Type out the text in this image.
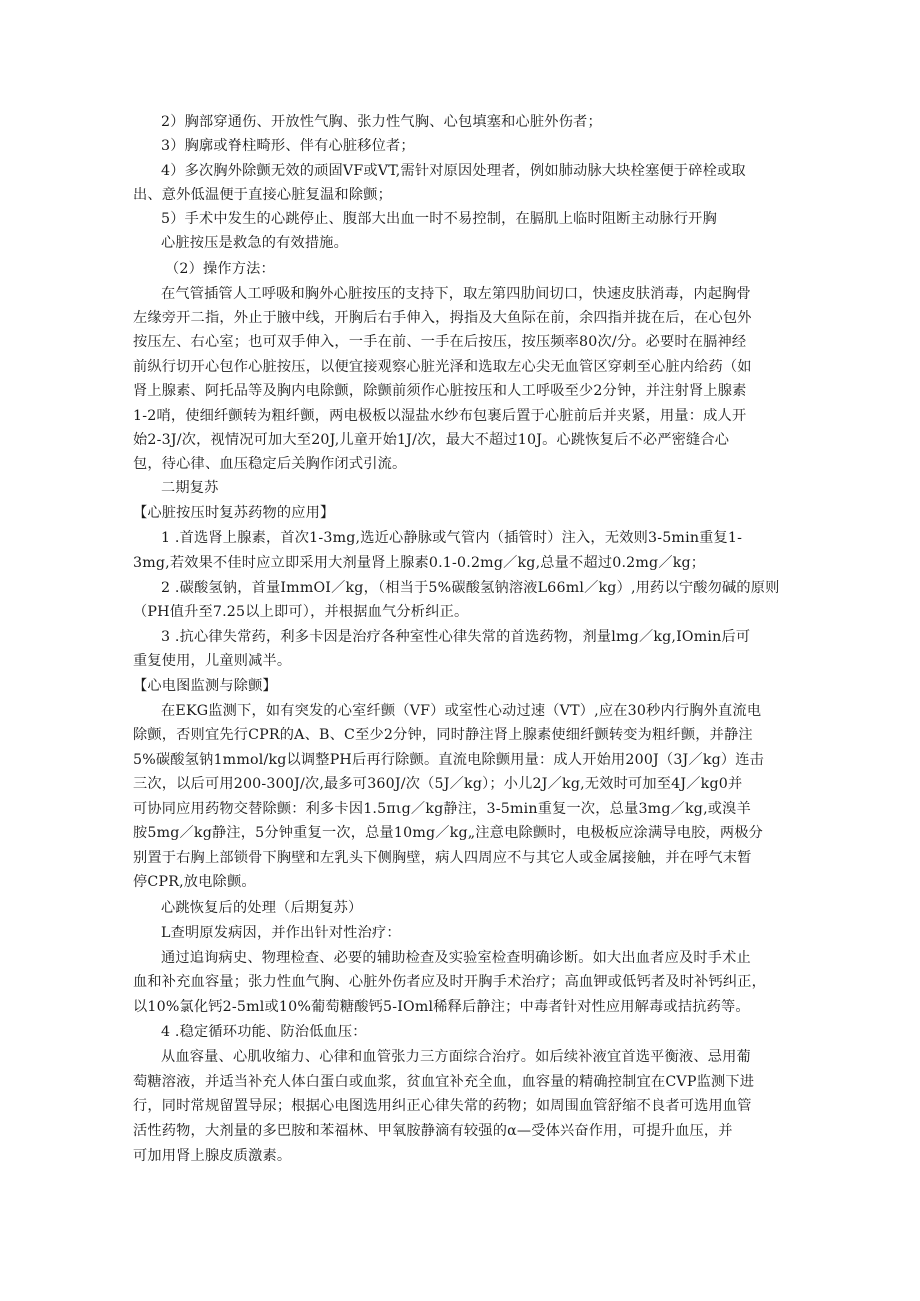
2）胸部穿通伤、开放性气胸、张力性气胸、心包填塞和心脏外伤者；
3）胸廓或脊柱畸形、伴有心脏移位者；
4）多次胸外除颤无效的顽固VF或VT,需针对原因处理者，例如肺动脉大块栓塞便于碎栓或取
出、意外低温便于直接心脏复温和除颤；
5）手术中发生的心跳停止、腹部大出血一时不易控制，在膈肌上临时阻断主动脉行开胸
心脏按压是救急的有效措施。
（2）操作方法：
在气管插管人工呼吸和胸外心脏按压的支持下，取左第四肋间切口，快速皮肤消毒，内起胸骨
左缘旁开二指，外止于腋中线，开胸后右手伸入，拇指及大鱼际在前，余四指并拢在后，在心包外
按压左、右心室；也可双手伸入，一手在前、一手在后按压，按压频率80次/分。必要时在膈神经
前纵行切开心包作心脏按压，以便宜接观察心脏光泽和选取左心尖无血管区穿刺至心脏内给药（如
肾上腺素、阿托品等及胸内电除颤，除颤前须作心脏按压和人工呼吸至少2分钟，并注射肾上腺素
1-2哨，使细纤颤转为粗纤颤，两电极板以湿盐水纱布包裹后置于心脏前后并夹紧，用量：成人开
始2-3J/次，视情况可加大至20J,儿童开始1J/次，最大不超过10J。心跳恢复后不必严密缝合心
包，待心律、血压稳定后关胸作闭式引流。
二期复苏
【心脏按压时复苏药物的应用】
1 .首选肾上腺素，首次1-3mg,选近心静脉或气管内（插管时）注入，无效则3-5min重复1-
3mg,若效果不佳时应立即采用大剂量肾上腺素0.1-0.2mg／kg,总量不超过0.2mg／kg；
2 .碳酸氢钠，首量ImmOI／kg，（相当于5%碳酸氢钠溶液L66ml／kg）,用药以宁酸勿碱的原则
（PH值升至7.25以上即可），并根据血气分析纠正。
3 .抗心律失常药，利多卡因是治疗各种室性心律失常的首选药物，剂量lmg／kg,IOmin后可
重复使用，儿童则减半。
【心电图监测与除颤】
在EKG监测下，如有突发的心室纤颤（VF）或室性心动过速（VT）,应在30秒内行胸外直流电
除颤，否则宜先行CPR的A、B、C至少2分钟，同时静注肾上腺素使细纤颤转变为粗纤颤，并静注
5%碳酸氢钠1mmol/kg以调整PH后再行除颤。直流电除颤用量：成人开始用200J（3J／kg）连击
三次，以后可用200-300J/次,最多可360J/次（5J／kg）；小儿2J／kg,无效时可加至4J／kg0并
可协同应用药物交替除颤：利多卡因1.5πιg／kg静注，3-5min重复一次，总量3mg／kg,或溴羊
胺5mg／kg静注，5分钟重复一次，总量10mg／kg„注意电除颤时，电极板应涂满导电胶，两极分
别置于右胸上部锁骨下胸壁和左乳头下侧胸壁，病人四周应不与其它人或金属接触，并在呼气末暂
停CPR,放电除颤。
心跳恢复后的处理（后期复苏）
L查明原发病因，并作出针对性治疗：
通过追询病史、物理检查、必要的辅助检查及实验室检查明确诊断。如大出血者应及时手术止
血和补充血容量；张力性血气胸、心脏外伤者应及时开胸手术治疗；高血钾或低钙者及时补钙纠正，
以10%氯化钙2-5ml或10%葡萄糖酸钙5-IOml稀释后静注；中毒者针对性应用解毒或拮抗药等。
4 .稳定循环功能、防治低血压：
从血容量、心肌收缩力、心律和血管张力三方面综合治疗。如后续补液宜首选平衡液、忌用葡
萄糖溶液，并适当补充人体白蛋白或血浆，贫血宜补充全血，血容量的精确控制宜在CVP监测下进
行，同时常规留置导尿；根据心电图选用纠正心律失常的药物；如周围血管舒缩不良者可选用血管
活性药物，大剂量的多巴胺和苯福林、甲氧胺静滴有较强的α—受体兴奋作用，可提升血压，并
可加用肾上腺皮质激素。
